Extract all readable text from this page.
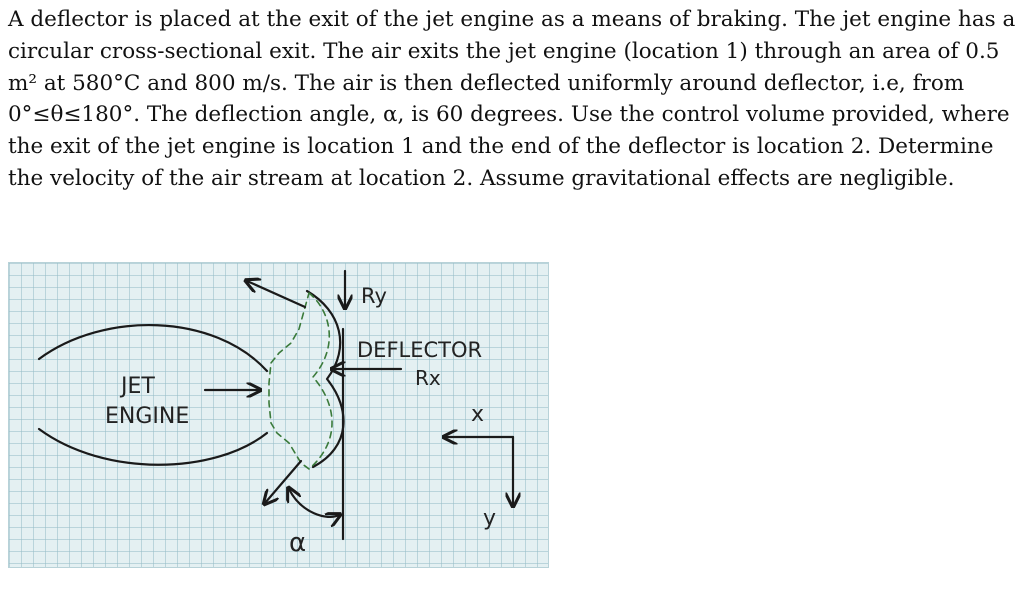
A deflector is placed at the exit of the jet engine as a means of braking. The jet engine has a circular cross-sectional exit. The air exits the jet engine (location 1) through an area of 0.5 m² at 580°C and 800 m/s. The air is then deflected uniformly around deflector, i.e, from 0°≤θ≤180°. The deflection angle, α, is 60 degrees. Use the control volume provided, where the exit of the jet engine is location 1 and the end of the deflector is location 2. Determine the velocity of the air stream at location 2. Assume gravitational effects are negligible.

JET
ENGINE
DEFLECTOR
Rx
Ry
x
y
α
